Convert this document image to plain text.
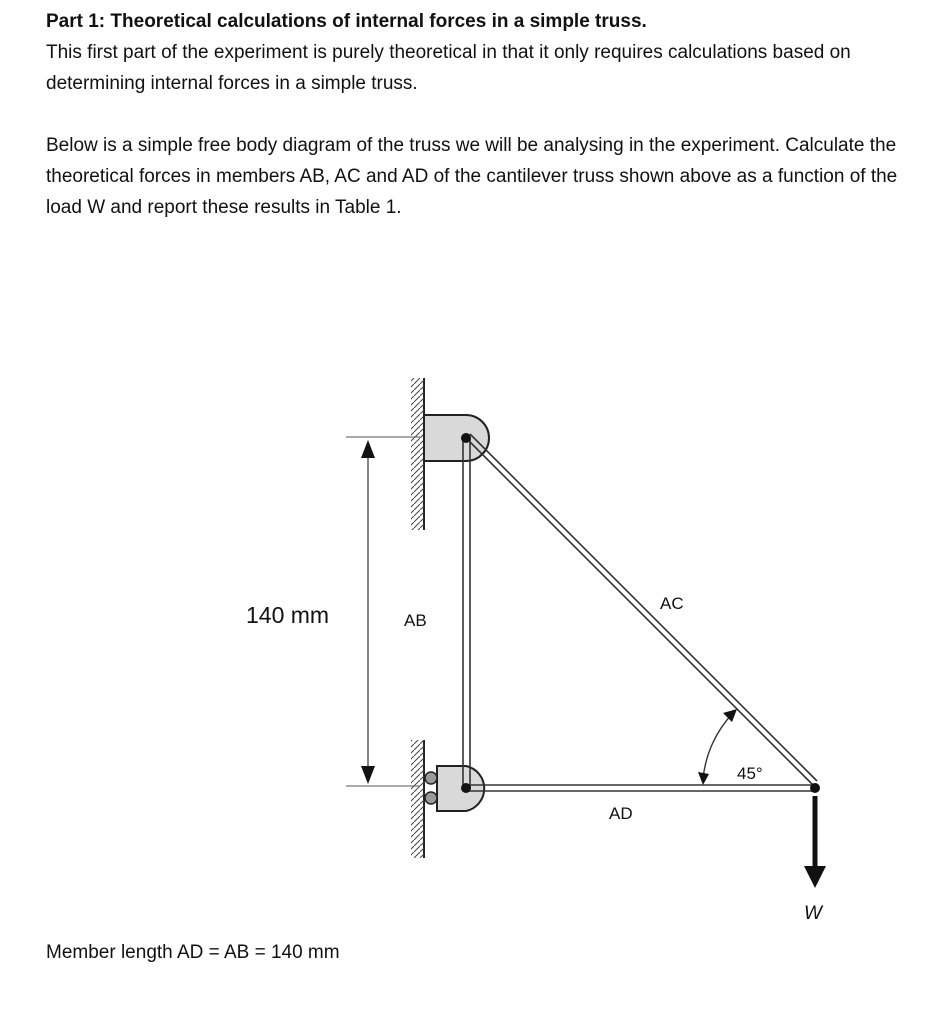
Part 1: Theoretical calculations of internal forces in a simple truss.
This first part of the experiment is purely theoretical in that it only requires calculations based on determining internal forces in a simple truss.
Below is a simple free body diagram of the truss we will be analysing in the experiment. Calculate the theoretical forces in members AB, AC and AD of the cantilever truss shown above as a function of the load W and report these results in Table 1.
140 mm	AB
AC
AD
45°
W
Member length AD = AB = 140 mm
